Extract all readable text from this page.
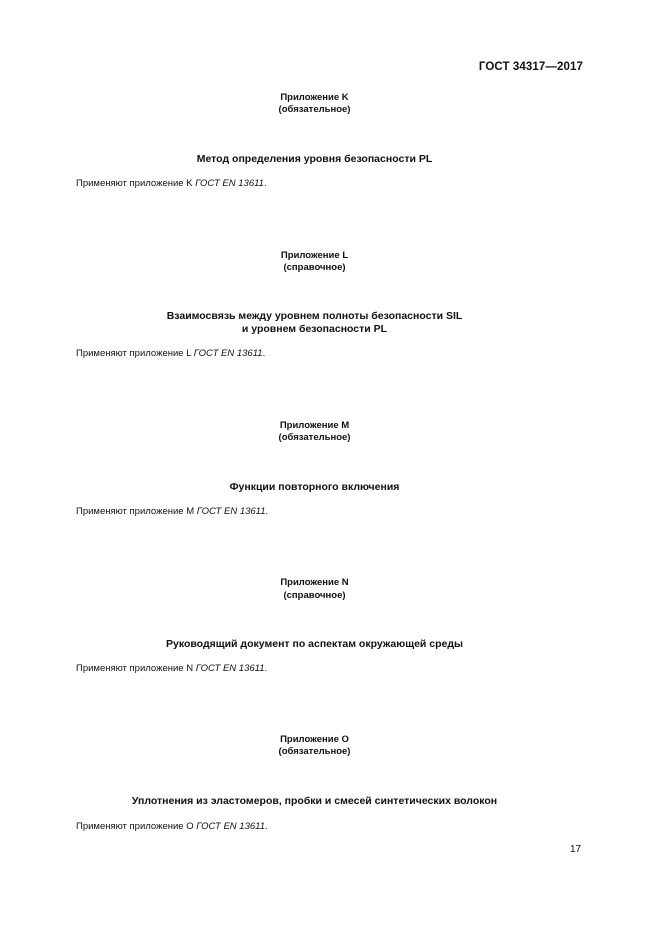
ГОСТ 34317—2017
Приложение K
(обязательное)
Метод определения уровня безопасности PL
Применяют приложение K ГОСТ EN 13611.
Приложение L
(справочное)
Взаимосвязь между уровнем полноты безопасности SIL
и уровнем безопасности PL
Применяют приложение L ГОСТ EN 13611.
Приложение M
(обязательное)
Функции повторного включения
Применяют приложение M ГОСТ EN 13611.
Приложение N
(справочное)
Руководящий документ по аспектам окружающей среды
Применяют приложение N ГОСТ EN 13611.
Приложение О
(обязательное)
Уплотнения из эластомеров, пробки и смесей синтетических волокон
Применяют приложение О ГОСТ EN 13611.
17
